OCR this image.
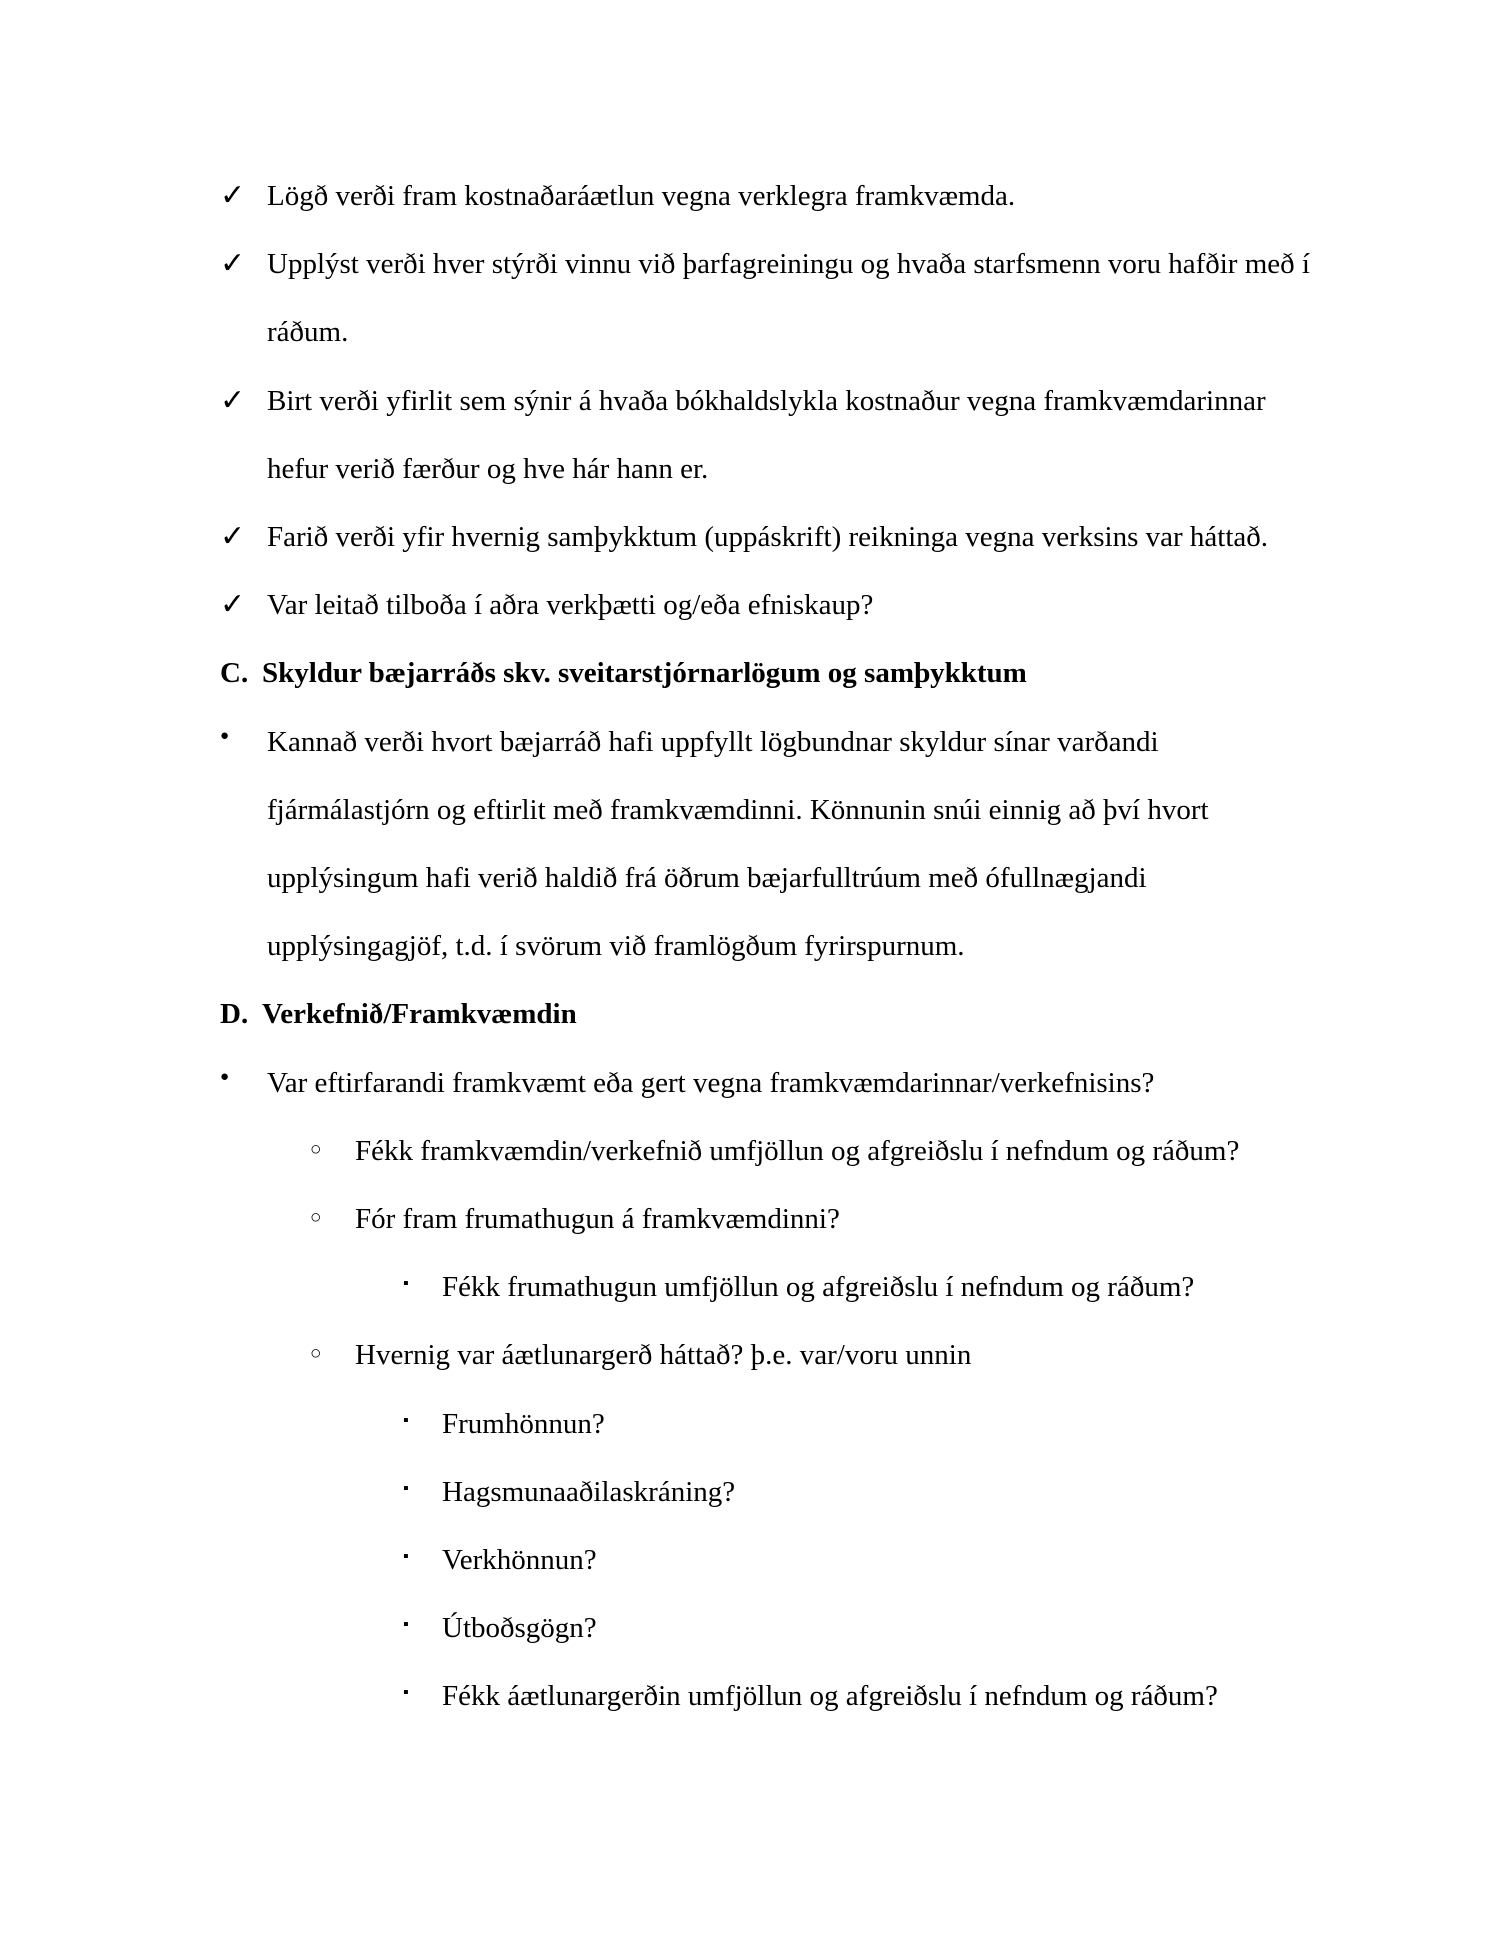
✓ Lögð verði fram kostnaðaráætlun vegna verklegra framkvæmda.
✓ Upplýst verði hver stýrði vinnu við þarfagreiningu og hvaða starfsmenn voru hafðir með í
ráðum.
✓ Birt verði yfirlit sem sýnir á hvaða bókhaldslykla kostnaður vegna framkvæmdarinnar
hefur verið færður og hve hár hann er.
✓ Farið verði yfir hvernig samþykktum (uppáskrift) reikninga vegna verksins var háttað.
✓ Var leitað tilboða í aðra verkþætti og/eða efniskaup?
C. Skyldur bæjarráðs skv. sveitarstjórnarlögum og samþykktum
●	Kannað verði hvort bæjarráð hafi uppfyllt lögbundnar skyldur sínar varðandi
fjármálastjórn og eftirlit með framkvæmdinni. Könnunin snúi einnig að því hvort
upplýsingum hafi verið haldið frá öðrum bæjarfulltrúum með ófullnægjandi
upplýsingagjöf, t.d. í svörum við framlögðum fyrirspurnum.
D. Verkefnið/Framkvæmdin
●	Var eftirfarandi framkvæmt eða gert vegna framkvæmdarinnar/verkefnisins?
○	Fékk framkvæmdin/verkefnið umfjöllun og afgreiðslu í nefndum og ráðum?
○	Fór fram frumathugun á framkvæmdinni?
▪	Fékk frumathugun umfjöllun og afgreiðslu í nefndum og ráðum?
○	Hvernig var áætlunargerð háttað? þ.e. var/voru unnin
▪	Frumhönnun?
▪	Hagsmunaaðilaskráning?
▪	Verkhönnun?
▪	Útboðsgögn?
▪	Fékk áætlunargerðin umfjöllun og afgreiðslu í nefndum og ráðum?
